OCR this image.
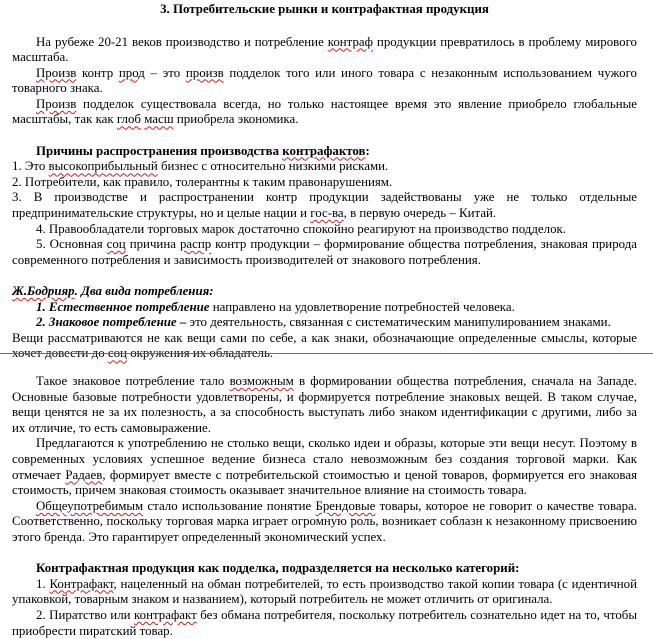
3. Потребительские рынки и контрафактная продукция

На рубеже 20-21 веков производство и потребление контраф продукции превратилось в проблему мирового масштаба.

Произв контр прод – это произв подделок того или иного товара с незаконным использованием чужого товарного знака.

Произв подделок существовала всегда, но только настоящее время это явление приобрело глобальные масштабы, так как глоб масш приобрела экономика.

Причины распространения производства контрафактов:

1. Это высокоприбыльный бизнес с относительно низкими рисками.

2. Потребители, как правило, толерантны к таким правонарушениям.

3. В производстве и распространении контр продукции задействованы уже не только отдельные предпринимательские структуры, но и целые нации и гос-ва, в первую очередь – Китай.

4. Правообладатели торговых марок достаточно спокойно реагируют на производство подделок.

5. Основная соц причина распр контр продукции – формирование общества потребления, знаковая природа современного потребления и зависимость производителей от знакового потребления.

Ж.Бодрияр. Два вида потребления:

1. Естественное потребление направлено на удовлетворение потребностей человека.

2. Знаковое потребление – это деятельность, связанная с систематическим манипулированием знаками.

Вещи рассматриваются не как вещи сами по себе, а как знаки, обозначающие определенные смыслы, которые хочет довести до соц окружения их обладатель.

Такое знаковое потребление тало возможным в формировании общества потребления, сначала на Западе. Основные базовые потребности удовлетворены, и формируется потребление знаковых вещей. В таком случае, вещи ценятся не за их полезность, а за способность выступать либо знаком идентификации с другими, либо за их отличие, то есть самовыражение.

Предлагаются к употреблению не столько вещи, сколько идеи и образы, которые эти вещи несут. Поэтому в современных условиях успешное ведение бизнеса стало невозможным без создания торговой марки. Как отмечает Радаев, формирует вместе с потребительской стоимостью и ценой товаров, формируется его знаковая стоимость, причем знаковая стоимость оказывает значительное влияние на стоимость товара.

Общеупотребимым стало использование понятие Брендовые товары, которое не говорит о качестве товара. Соответственно, поскольку торговая марка играет огромную роль, возникает соблазн к незаконному присвоению этого бренда. Это гарантирует определенный экономический успех.

Контрафактная продукция как подделка, подразделяется на несколько категорий:

1. Контрафакт, нацеленный на обман потребителей, то есть производство такой копии товара (с идентичной упаковкой, товарным знаком и названием), который потребитель не может отличить от оригинала.

2. Пиратство или контрафакт без обмана потребителя, поскольку потребитель сознательно идет на то, чтобы приобрести пиратский товар.
